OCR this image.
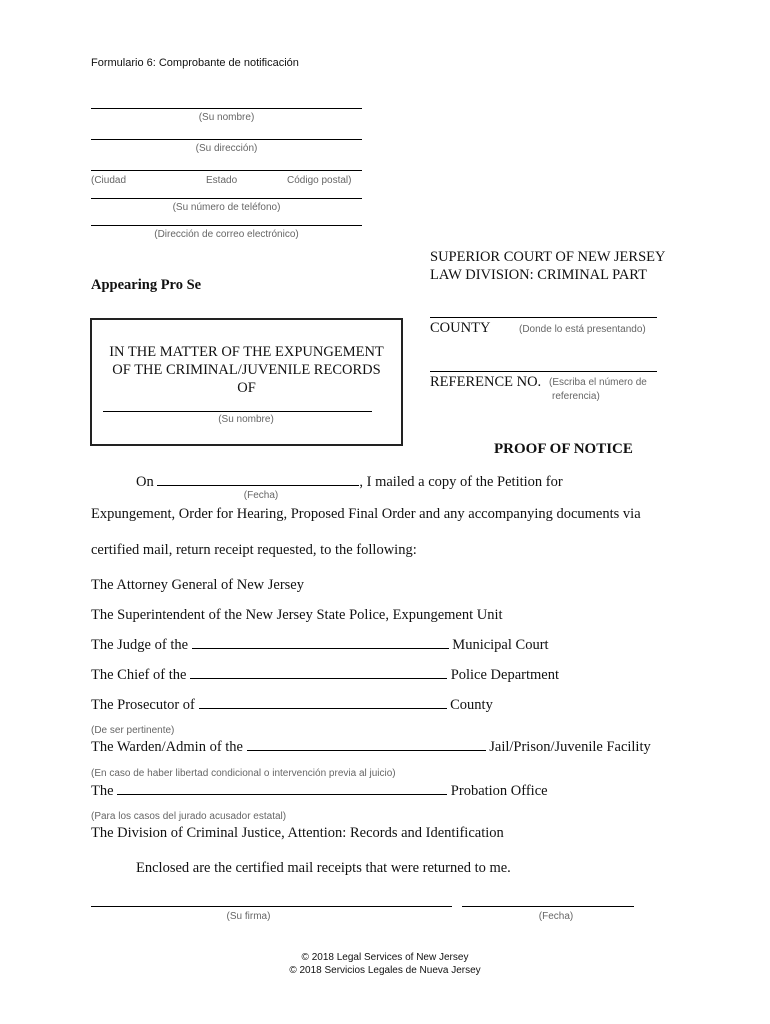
Formulario 6: Comprobante de notificación
(Su nombre)
(Su dirección)
(Ciudad	Estado	Código postal)
(Su número de teléfono)
(Dirección de correo electrónico)
Appearing Pro Se
SUPERIOR COURT OF NEW JERSEY
LAW DIVISION: CRIMINAL PART
COUNTY	(Donde lo está presentando)
REFERENCE NO. (Escriba el número de
referencia)
IN THE MATTER OF THE EXPUNGEMENT
OF THE CRIMINAL/JUVENILE RECORDS
OF
(Su nombre)
PROOF OF NOTICE
On	, I mailed a copy of the Petition for
(Fecha)
Expungement, Order for Hearing, Proposed Final Order and any accompanying documents via
certified mail, return receipt requested, to the following:
The Attorney General of New Jersey
The Superintendent of the New Jersey State Police, Expungement Unit
The Judge of the	Municipal Court
The Chief of the	Police Department
The Prosecutor of	County
(De ser pertinente)
The Warden/Admin of the	Jail/Prison/Juvenile Facility
(En caso de haber libertad condicional o intervención previa al juicio)
The	Probation Office
(Para los casos del jurado acusador estatal)
The Division of Criminal Justice, Attention: Records and Identification
Enclosed are the certified mail receipts that were returned to me.
(Su firma)	(Fecha)
© 2018 Legal Services of New Jersey
© 2018 Servicios Legales de Nueva Jersey
